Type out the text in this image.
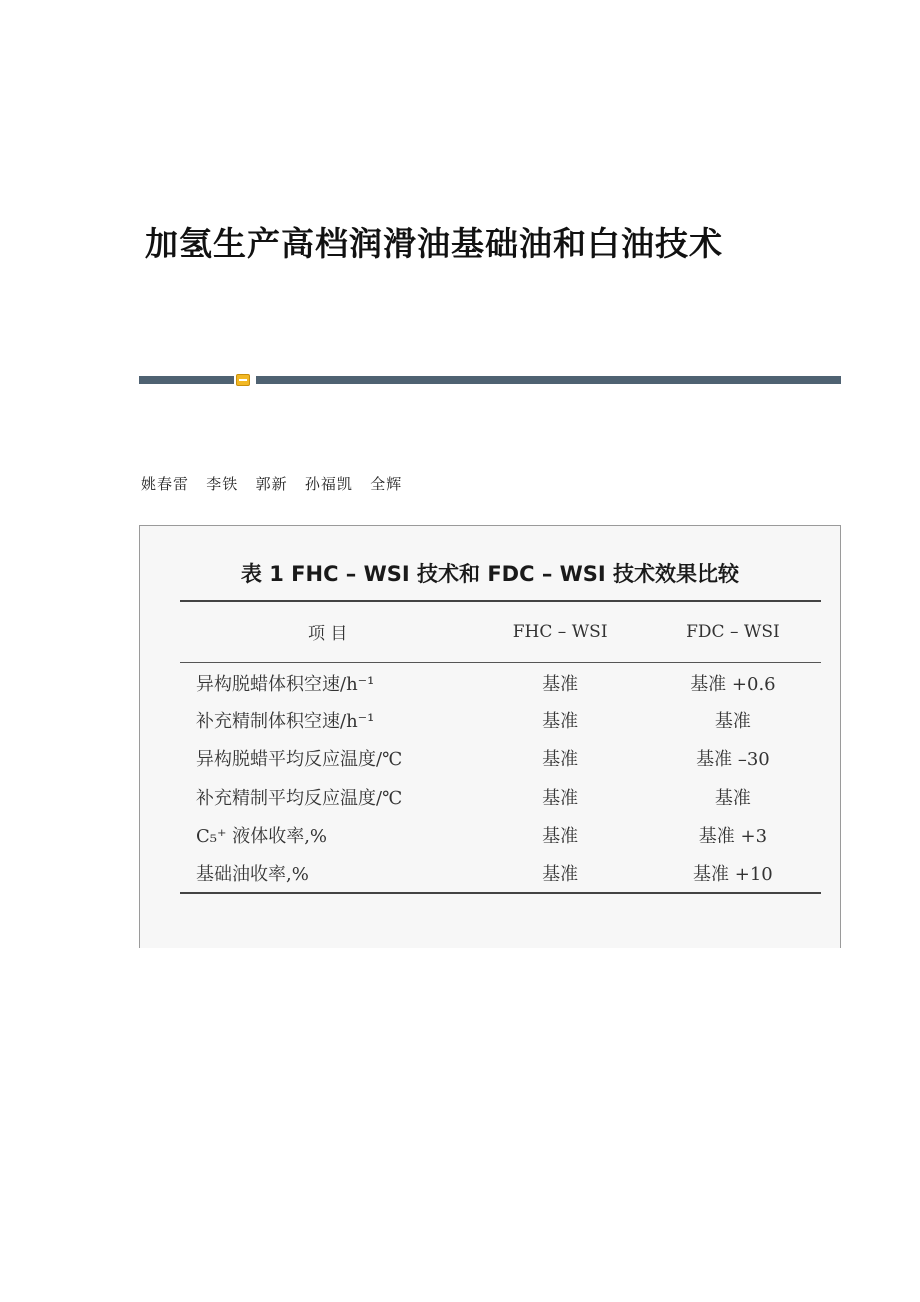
加氢生产高档润滑油基础油和白油技术
姚春雷   李铁   郭新   孙福凯   全辉
表 1 FHC – WSI 技术和 FDC – WSI 技术效果比较
项 目	FHC – WSI	FDC – WSI
异构脱蜡体积空速/h⁻¹	基准	基准 +0.6
补充精制体积空速/h⁻¹	基准	基准
异构脱蜡平均反应温度/℃	基准	基准 –30
补充精制平均反应温度/℃	基准	基准
C₅⁺ 液体收率,%	基准	基准 +3
基础油收率,%	基准	基准 +10
